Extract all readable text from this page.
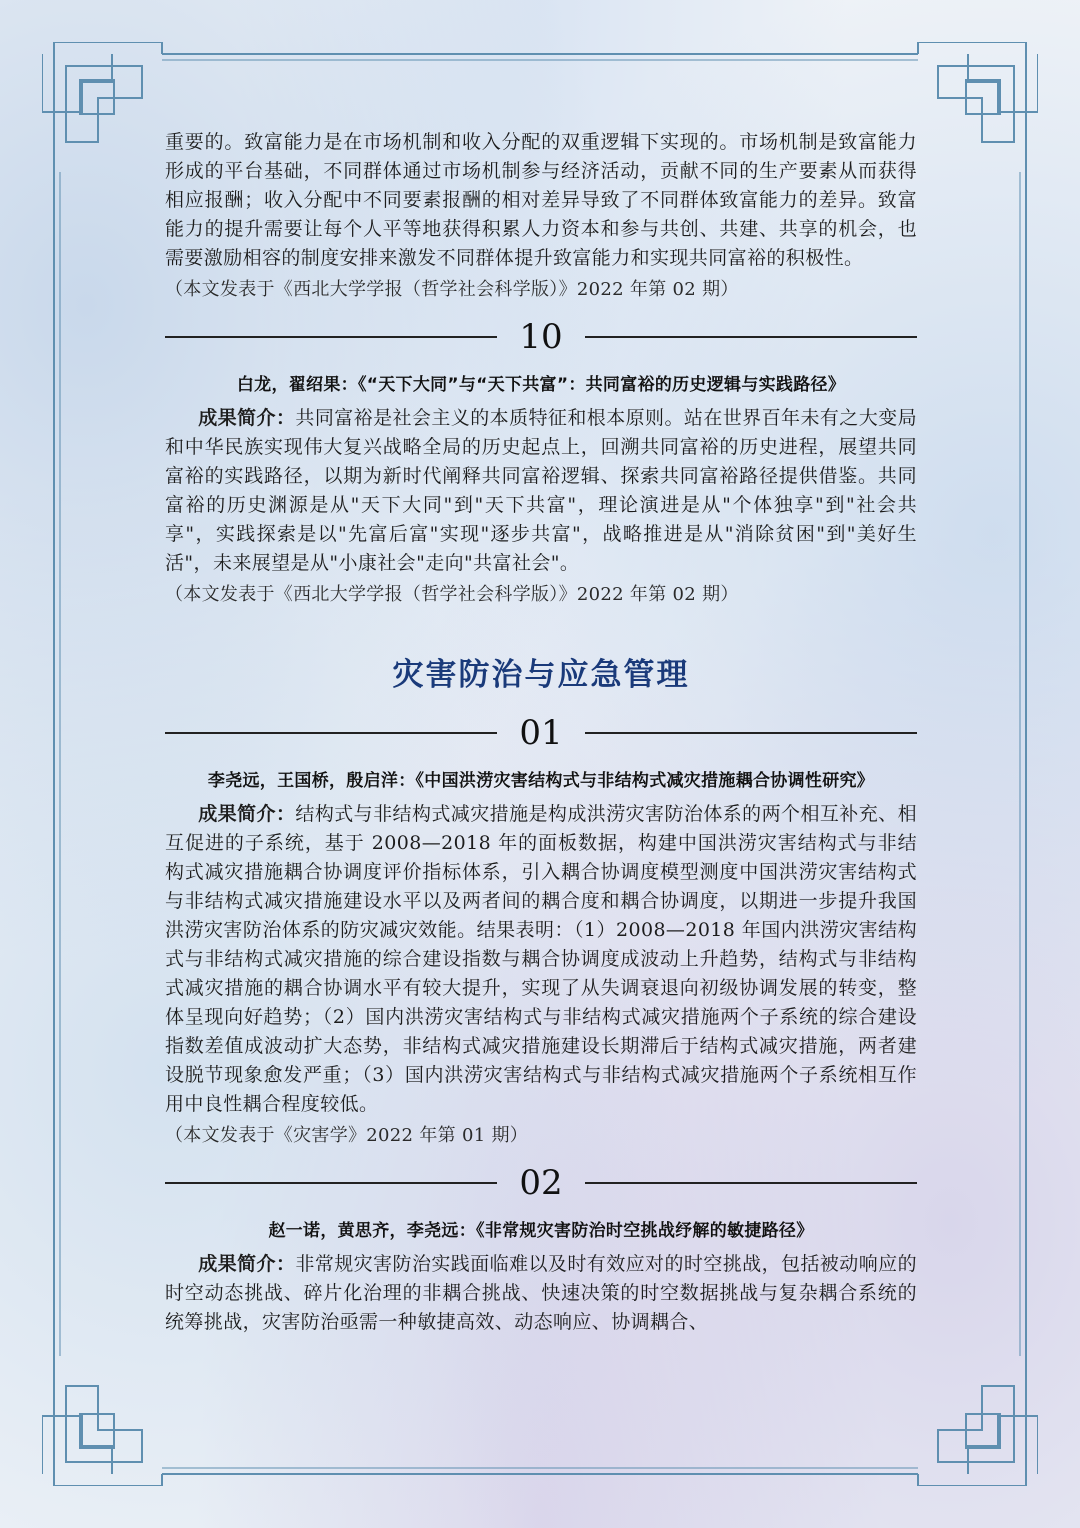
重要的。致富能力是在市场机制和收入分配的双重逻辑下实现的。市场机制是致富能力形成的平台基础，不同群体通过市场机制参与经济活动，贡献不同的生产要素从而获得相应报酬；收入分配中不同要素报酬的相对差异导致了不同群体致富能力的差异。致富能力的提升需要让每个人平等地获得积累人力资本和参与共创、共建、共享的机会，也需要激励相容的制度安排来激发不同群体提升致富能力和实现共同富裕的积极性。

（本文发表于《西北大学学报（哲学社会科学版）》2022 年第 02 期）

10
白龙，翟绍果：《“天下大同”与“天下共富”：共同富裕的历史逻辑与实践路径》

成果简介：共同富裕是社会主义的本质特征和根本原则。站在世界百年未有之大变局和中华民族实现伟大复兴战略全局的历史起点上，回溯共同富裕的历史进程，展望共同富裕的实践路径，以期为新时代阐释共同富裕逻辑、探索共同富裕路径提供借鉴。共同富裕的历史渊源是从"天下大同"到"天下共富"，理论演进是从"个体独享"到"社会共享"，实践探索是以"先富后富"实现"逐步共富"，战略推进是从"消除贫困"到"美好生活"，未来展望是从"小康社会"走向"共富社会"。

（本文发表于《西北大学学报（哲学社会科学版）》2022 年第 02 期）

灾害防治与应急管理
01
李尧远，王国桥，殷启洋：《中国洪涝灾害结构式与非结构式减灾措施耦合协调性研究》

成果简介：结构式与非结构式减灾措施是构成洪涝灾害防治体系的两个相互补充、相互促进的子系统，基于 2008—2018 年的面板数据，构建中国洪涝灾害结构式与非结构式减灾措施耦合协调度评价指标体系，引入耦合协调度模型测度中国洪涝灾害结构式与非结构式减灾措施建设水平以及两者间的耦合度和耦合协调度，以期进一步提升我国洪涝灾害防治体系的防灾减灾效能。结果表明：（1）2008—2018 年国内洪涝灾害结构式与非结构式减灾措施的综合建设指数与耦合协调度成波动上升趋势，结构式与非结构式减灾措施的耦合协调水平有较大提升，实现了从失调衰退向初级协调发展的转变，整体呈现向好趋势；（2）国内洪涝灾害结构式与非结构式减灾措施两个子系统的综合建设指数差值成波动扩大态势，非结构式减灾措施建设长期滞后于结构式减灾措施，两者建设脱节现象愈发严重；（3）国内洪涝灾害结构式与非结构式减灾措施两个子系统相互作用中良性耦合程度较低。

（本文发表于《灾害学》2022 年第 01 期）

02
赵一诺，黄思齐，李尧远：《非常规灾害防治时空挑战纾解的敏捷路径》

成果简介：非常规灾害防治实践面临难以及时有效应对的时空挑战，包括被动响应的时空动态挑战、碎片化治理的非耦合挑战、快速决策的时空数据挑战与复杂耦合系统的统筹挑战，灾害防治亟需一种敏捷高效、动态响应、协调耦合、
